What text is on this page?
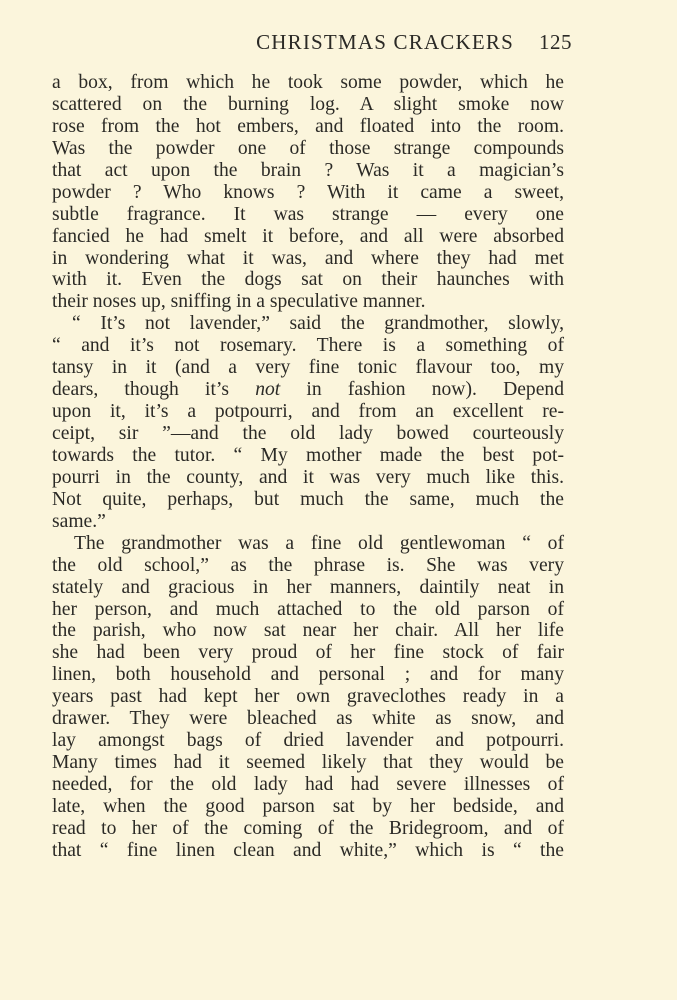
CHRISTMAS CRACKERS 125
a box, from which he took some powder, which he
scattered on the burning log. A slight smoke now
rose from the hot embers, and floated into the room.
Was the powder one of those strange compounds
that act upon the brain ? Was it a magician’s
powder ? Who knows ? With it came a sweet,
subtle fragrance. It was strange — every one
fancied he had smelt it before, and all were absorbed
in wondering what it was, and where they had met
with it. Even the dogs sat on their haunches with
their noses up, sniffing in a speculative manner.
“ It’s not lavender,” said the grandmother, slowly,
“ and it’s not rosemary. There is a something of
tansy in it (and a very fine tonic flavour too, my
dears, though it’s not in fashion now). Depend
upon it, it’s a potpourri, and from an excellent re-
ceipt, sir ”—and the old lady bowed courteously
towards the tutor. “ My mother made the best pot-
pourri in the county, and it was very much like this.
Not quite, perhaps, but much the same, much the
same.”
The grandmother was a fine old gentlewoman “ of
the old school,” as the phrase is. She was very
stately and gracious in her manners, daintily neat in
her person, and much attached to the old parson of
the parish, who now sat near her chair. All her life
she had been very proud of her fine stock of fair
linen, both household and personal ; and for many
years past had kept her own graveclothes ready in a
drawer. They were bleached as white as snow, and
lay amongst bags of dried lavender and potpourri.
Many times had it seemed likely that they would be
needed, for the old lady had had severe illnesses of
late, when the good parson sat by her bedside, and
read to her of the coming of the Bridegroom, and of
that “ fine linen clean and white,” which is “ the
